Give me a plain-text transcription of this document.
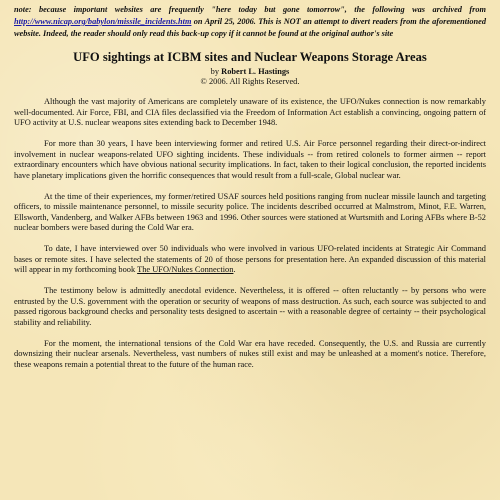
note: because important websites are frequently "here today but gone tomorrow", the following was archived from http://www.nicap.org/babylon/missile_incidents.htm on April 25, 2006. This is NOT an attempt to divert readers from the aforementioned website. Indeed, the reader should only read this back-up copy if it cannot be found at the original author's site

UFO sightings at ICBM sites and Nuclear Weapons Storage Areas

by Robert L. Hastings

© 2006. All Rights Reserved.

Although the vast majority of Americans are completely unaware of its existence, the UFO/Nukes connection is now remarkably well-documented. Air Force, FBI, and CIA files declassified via the Freedom of Information Act establish a convincing, ongoing pattern of UFO activity at U.S. nuclear weapons sites extending back to December 1948.

For more than 30 years, I have been interviewing former and retired U.S. Air Force personnel regarding their direct-or-indirect involvement in nuclear weapons-related UFO sighting incidents. These individuals -- from retired colonels to former airmen -- report extraordinary encounters which have obvious national security implications. In fact, taken to their logical conclusion, the reported incidents have planetary implications given the horrific consequences that would result from a full-scale, Global nuclear war.

At the time of their experiences, my former/retired USAF sources held positions ranging from nuclear missile launch and targeting officers, to missile maintenance personnel, to missile security police. The incidents described occurred at Malmstrom, Minot, F.E. Warren, Ellsworth, Vandenberg, and Walker AFBs between 1963 and 1996. Other sources were stationed at Wurtsmith and Loring AFBs where B-52 nuclear bombers were based during the Cold War era.

To date, I have interviewed over 50 individuals who were involved in various UFO-related incidents at Strategic Air Command bases or remote sites. I have selected the statements of 20 of those persons for presentation here. An expanded discussion of this material will appear in my forthcoming book The UFO/Nukes Connection.

The testimony below is admittedly anecdotal evidence. Nevertheless, it is offered -- often reluctantly -- by persons who were entrusted by the U.S. government with the operation or security of weapons of mass destruction. As such, each source was subjected to and passed rigorous background checks and personality tests designed to ascertain -- with a reasonable degree of certainty -- their psychological stability and reliability.

For the moment, the international tensions of the Cold War era have receded. Consequently, the U.S. and Russia are currently downsizing their nuclear arsenals. Nevertheless, vast numbers of nukes still exist and may be unleashed at a moment's notice. Therefore, these weapons remain a potential threat to the future of the human race.
